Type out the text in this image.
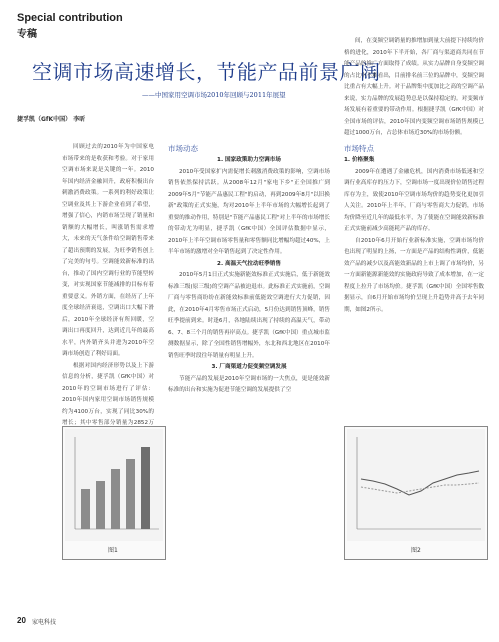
Special contribution
专稿
空调市场高速增长，节能产品前景广阔
——中国家用空调市场2010年回顾与2011年展望
捷孚凯（GfK中国） 李昕

间，在变频空调销量的推增加到量大前提下持续均价格的进化，2010年下半开始，各厂商与渠道商共同在节能产品的推广方面取得了成绩。从实力品牌自身变频空调的占比中不难看出，目前排名前三位的品牌中，变频空调比重占有大幅上升。对于品牌集中度加比之高的空调产品来说，实力品牌的发展趋势总是以保持稳定的。对变频市场发展有着重要的带动作用。根据捷孚凯（GfK中国）对全国市场的评估，2010年国内变频空调市场销售规模已超过1000万台，占总体市场近30%的市场份额。

回顾过去的2010年为中国家电市场带来的是收获和考验。对于家用空调市场来说是关键的一年。2010年国内经济金融回升，政府积极出台刺激消费政策。一系列的利好政策让空调业及其上下游企业看到了希望，增强了信心，内销市场呈现了销量和销额的大幅增长，叫涨销售需求增大，未来的天气条件给空调销售带来了超出预期的发展，为旺季销售创上了完美的句号。空调能效新标准的出台，推动了国内空调行业的节能型转变，对实现国家节能减排的目标有着重要意义。外销方面，在经历了上年度全球经济衰退，空调出口大幅下滑后，2010年全球经济有所回暖，空调出口再度回升，达到近几年的最高水平，内外销齐头并进为2010年空调市场创造了利好局面。

根据对国内经济形势以及上下游信息的分析，捷孚凯（GfK中国）对2010年的空调市场进行了评估：2010年国内家用空调市场销售规模约为4100万台，实现了同比30%的增长；其中零售部分销量为2852万

市场动态

1. 国家政策助力空调市场

2010年受国家扩内需促增长刺激消费政策的影响，空调市场销售依然保持活跃。从2008年12月"家电下乡"正全国推广到2009年5月"节能产品惠民工程"的启动，再到2009年8月"以旧换新"政策的正式实施，均对2010年上半年市场的大幅增长起到了重要的推动作用，特别是"节能产品惠民工程"对上半年的市场增长的带动尤为明显，捷孚凯（GfK中国）全国评估数据中显示，2010年上半年空调市场零售量和零售额同比增幅均超过40%，上半年市场的激增对全年销售起到了决定性作用。

2. 高温天气拉动旺季销售

2010年5月1日正式实施新能效标准正式实施后，低于新能效标准三级(原三级)的空调产品被迫退市。此标准正式实施前，空调厂商与零售商纷纷在新能效标准前低能效空调进行大力促销，因此，在2010年4月零售市场正式启动，5月份达到销售顶峰，销售旺季提前到来。时逢6月，各地陆续出现了持续的高温天气，带动6、7、8三个月的销售再岸高点。捷孚凯（GfK中国）重点城市监测数据显示，除了全国性销售增幅外，东北和西北地区在2010年销售旺季时段往年销量有明显上升。

3. 厂商渠道力促变频空调发展

节能产品的发展是2010年空调市场的一大焦点，更是能效新标准的出台和实施为促进节能空调的发展提供了空

市场特点

1. 价格聚集

2009年在遭遇了金融危机，国内消费市场低迷和空调行业高库存的压力下，空调市场一度出现价位销售过程库存为主，致使2010年空调市场均价的趋势变化更加引人关注。2010年上半年，厂商与零售商大力促销，市场均价降至近几年的最低水平，为了使能在空调能效新标准正式实施前减少高能耗产品的库存。

自2010年6月开始行业新标准实施，空调市场均价也出现了明显的上扬，一方面是产品的结构性调价，低能效产品的减少以及高能效新品的上市上调了市场均价，另一方面新能源新能效的实施政府导致了成本增加，在一定程度上拉升了市场均价。捷孚凯（GfK中国）全国零售数据显示，自6月开始市场均价呈现上升趋势并高于去年同期，如图2所示。

图1	图2
20 家电科技
